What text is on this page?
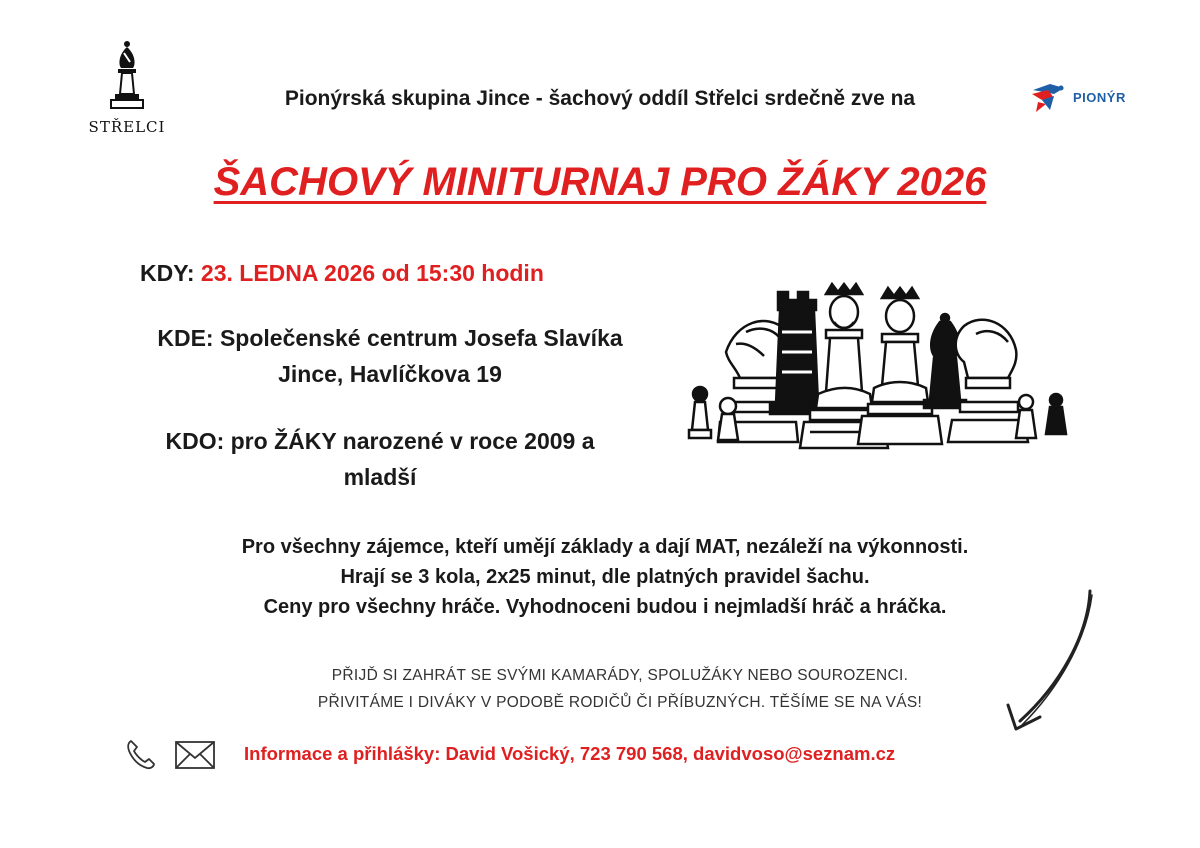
STŘELCI
Pionýrská skupina Jince - šachový oddíl Střelci srdečně zve na	PIONÝR
ŠACHOVÝ MINITURNAJ PRO ŽÁKY 2026
KDY: 23. LEDNA 2026 od 15:30 hodin
KDE: Společenské centrum Josefa Slavíka
Jince, Havlíčkova 19
KDO: pro ŽÁKY narozené v roce 2009 a
mladší
Pro všechny zájemce, kteří umějí základy a dají MAT, nezáleží na výkonnosti.
Hrají se 3 kola, 2x25 minut, dle platných pravidel šachu.
Ceny pro všechny hráče. Vyhodnoceni budou i nejmladší hráč a hráčka.
PŘIJĎ SI ZAHRÁT SE SVÝMI KAMARÁDY, SPOLUŽÁKY NEBO SOUROZENCI.
PŘIVITÁME I DIVÁKY V PODOBĚ RODIČŮ ČI PŘÍBUZNÝCH. TĚŠÍME SE NA VÁS!
Informace a přihlášky: David Vošický, 723 790 568, davidvoso@seznam.cz
